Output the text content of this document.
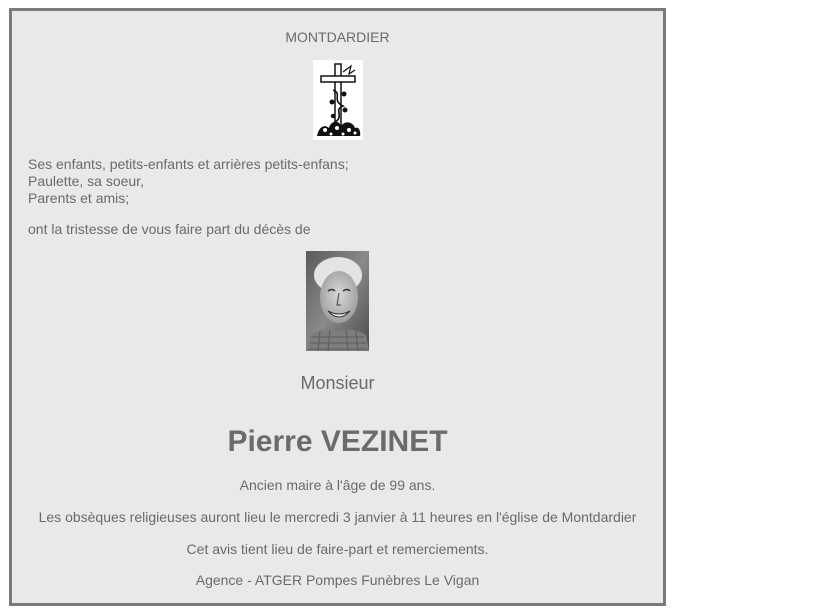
MONTDARDIER
Ses enfants, petits-enfants et arrières petits-enfans;
Paulette, sa soeur,
Parents et amis;
ont la tristesse de vous faire part du décès de
Monsieur
Pierre VEZINET
Ancien maire à l'âge de 99 ans.
Les obsèques religieuses auront lieu le mercredi 3 janvier à 11 heures en l'église de Montdardier
Cet avis tient lieu de faire-part et remerciements.
Agence - ATGER Pompes Funèbres Le Vigan
